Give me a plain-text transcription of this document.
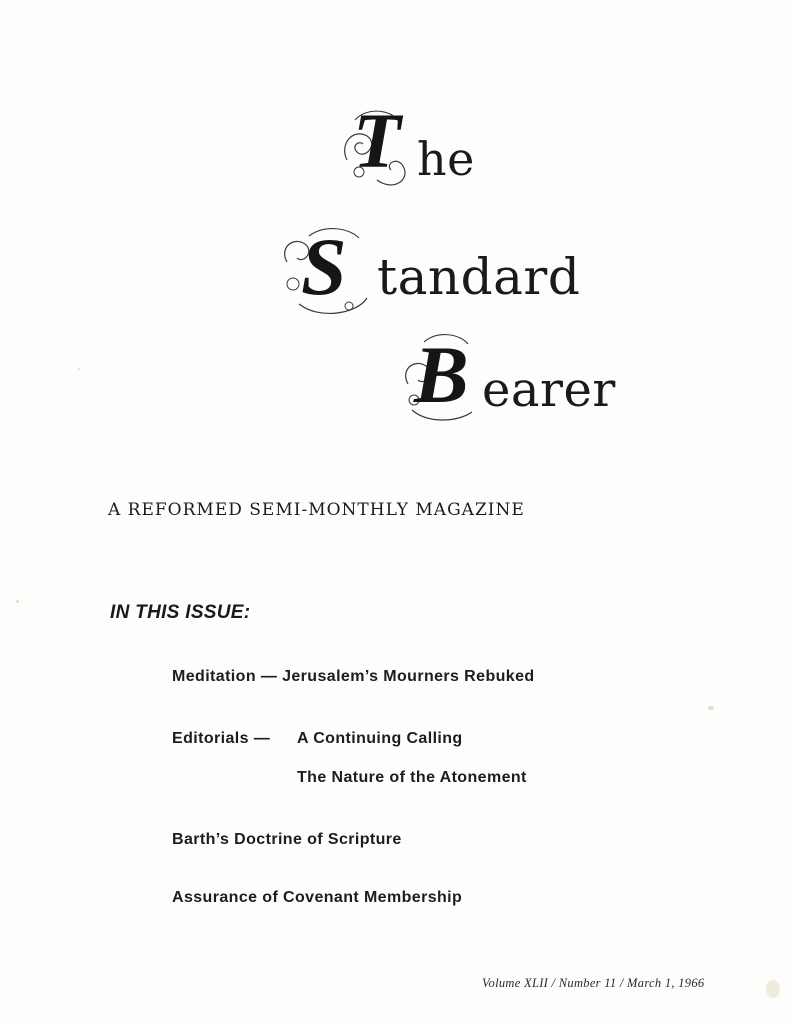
T he
S tandard
B earer
A REFORMED SEMI-MONTHLY MAGAZINE
IN THIS ISSUE:
Meditation — Jerusalem’s Mourners Rebuked
Editorials — A Continuing Calling
The Nature of the Atonement
Barth’s Doctrine of Scripture
Assurance of Covenant Membership
Volume XLII / Number 11 / March 1, 1966
